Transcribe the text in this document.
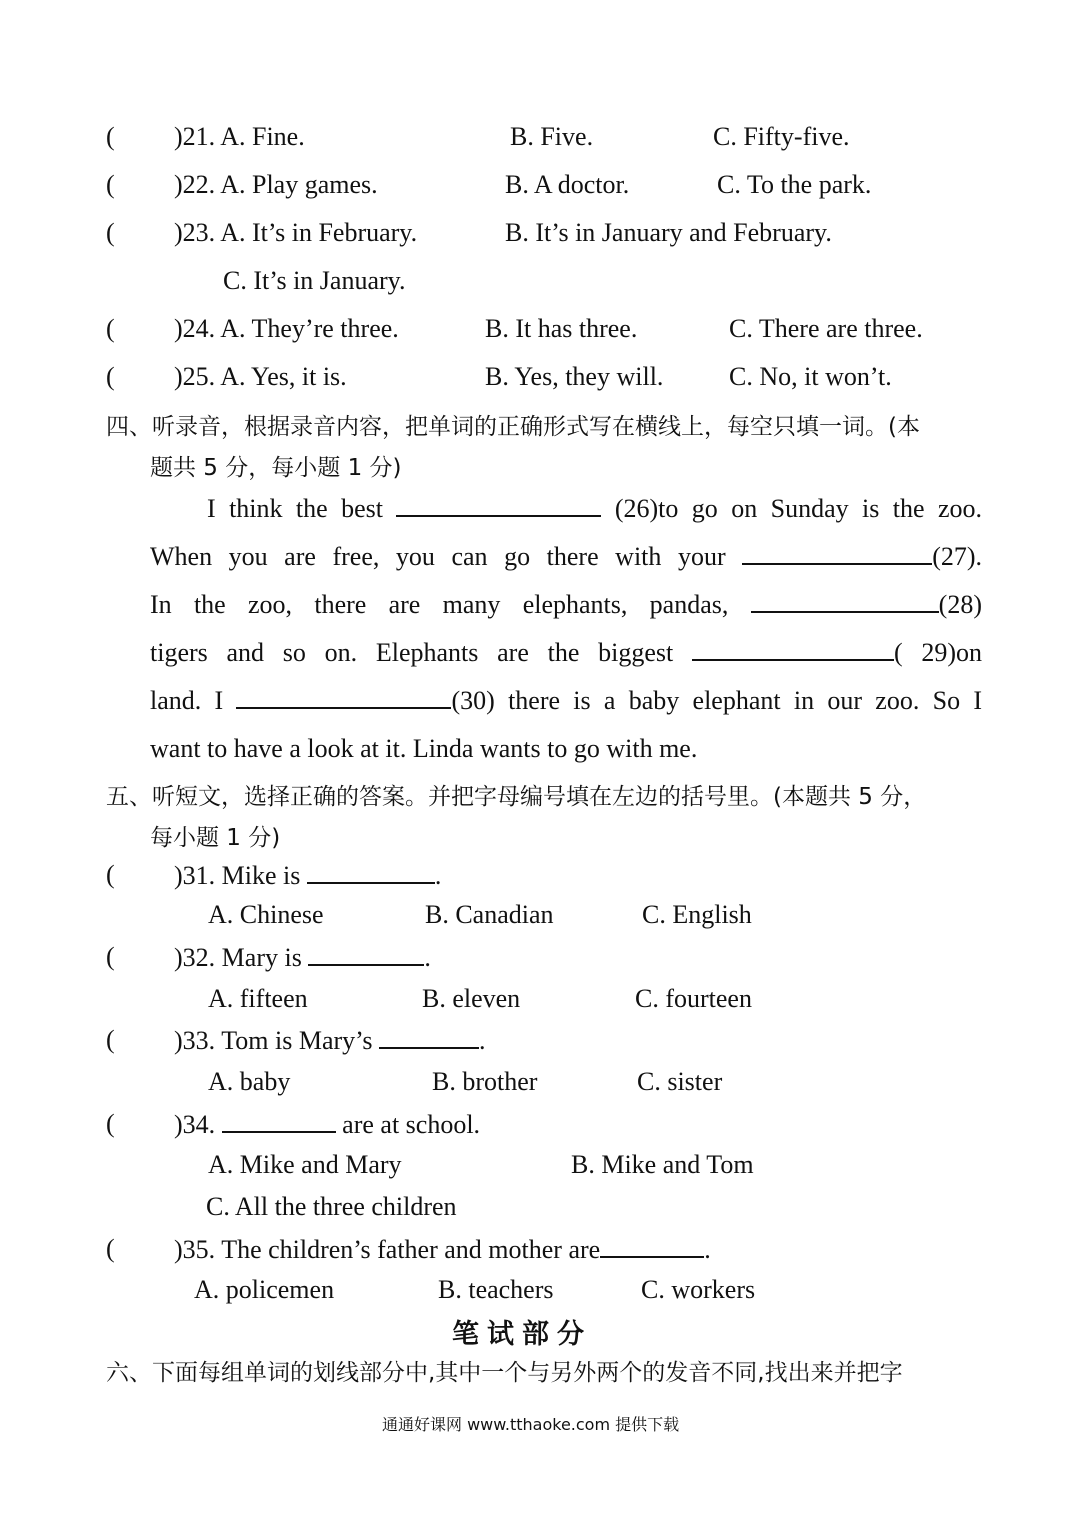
( )21. A. Fine.	B. Five.	C. Fifty-five.
( )22. A. Play games.	B. A doctor.	C. To the park.
( )23. A. It’s in February.	B. It’s in January and February.
C. It’s in January.
( )24. A. They’re three.	B. It has three.	C. There are three.
( )25. A. Yes, it is.	B. Yes, they will.	C. No, it won’t.
四、听录音，根据录音内容，把单词的正确形式写在横线上，每空只填一词。(本
题共 5 分，每小题 1 分)
I think the best	(26)to go on Sunday is the zoo.
When you are free, you can go there with your	(27).
In the zoo, there are many elephants, pandas,	(28)
tigers and so on. Elephants are the biggest	( 29)on
land. I	(30) there is a baby elephant in our zoo. So I
want to have a look at it. Linda wants to go with me.
五、听短文，选择正确的答案。并把字母编号填在左边的括号里。(本题共 5 分，
每小题 1 分)
( )31. Mike is	.
A. Chinese	B. Canadian	C. English
( )32. Mary is	.
A. fifteen	B. eleven	C. fourteen
( )33. Tom is Mary’s	.
A. baby	B. brother	C. sister
( )34.	are at school.
A. Mike and Mary	B. Mike and Tom
C. All the three children
( )35. The children’s father and mother are	.
A. policemen	B. teachers	C. workers
笔试部分
六、下面每组单词的划线部分中,其中一个与另外两个的发音不同,找出来并把字
通通好课网 www.tthaoke.com 提供下载
